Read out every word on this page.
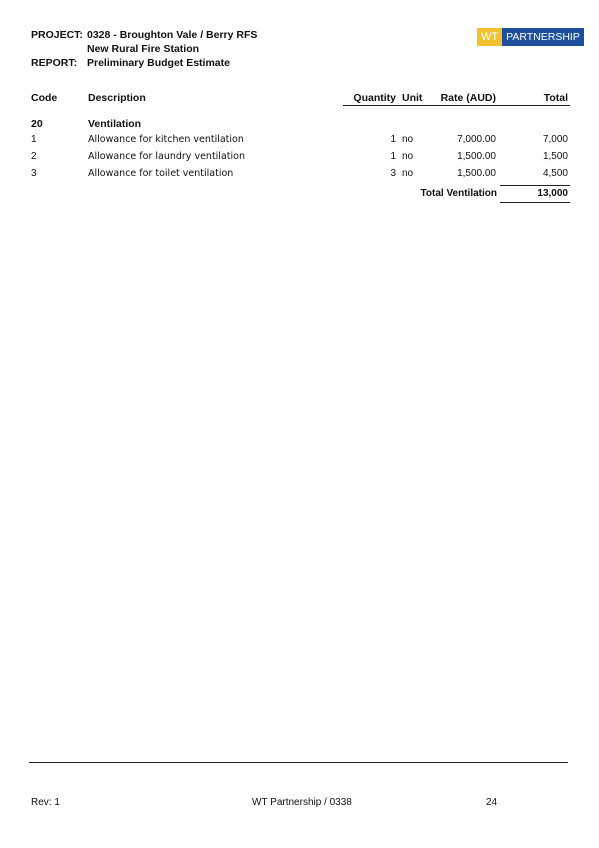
PROJECT: 0328 - Broughton Vale / Berry RFS
New Rural Fire Station
REPORT: Preliminary Budget Estimate
WT PARTNERSHIP
Code	Description	Quantity Unit	Rate (AUD)	Total
20	Ventilation
1	Allowance for kitchen ventilation	1 no	7,000.00	7,000
2	Allowance for laundry ventilation	1 no	1,500.00	1,500
3	Allowance for toilet ventilation	3 no	1,500.00	4,500
Total Ventilation	13,000
Rev: 1	WT Partnership / 0338	24
